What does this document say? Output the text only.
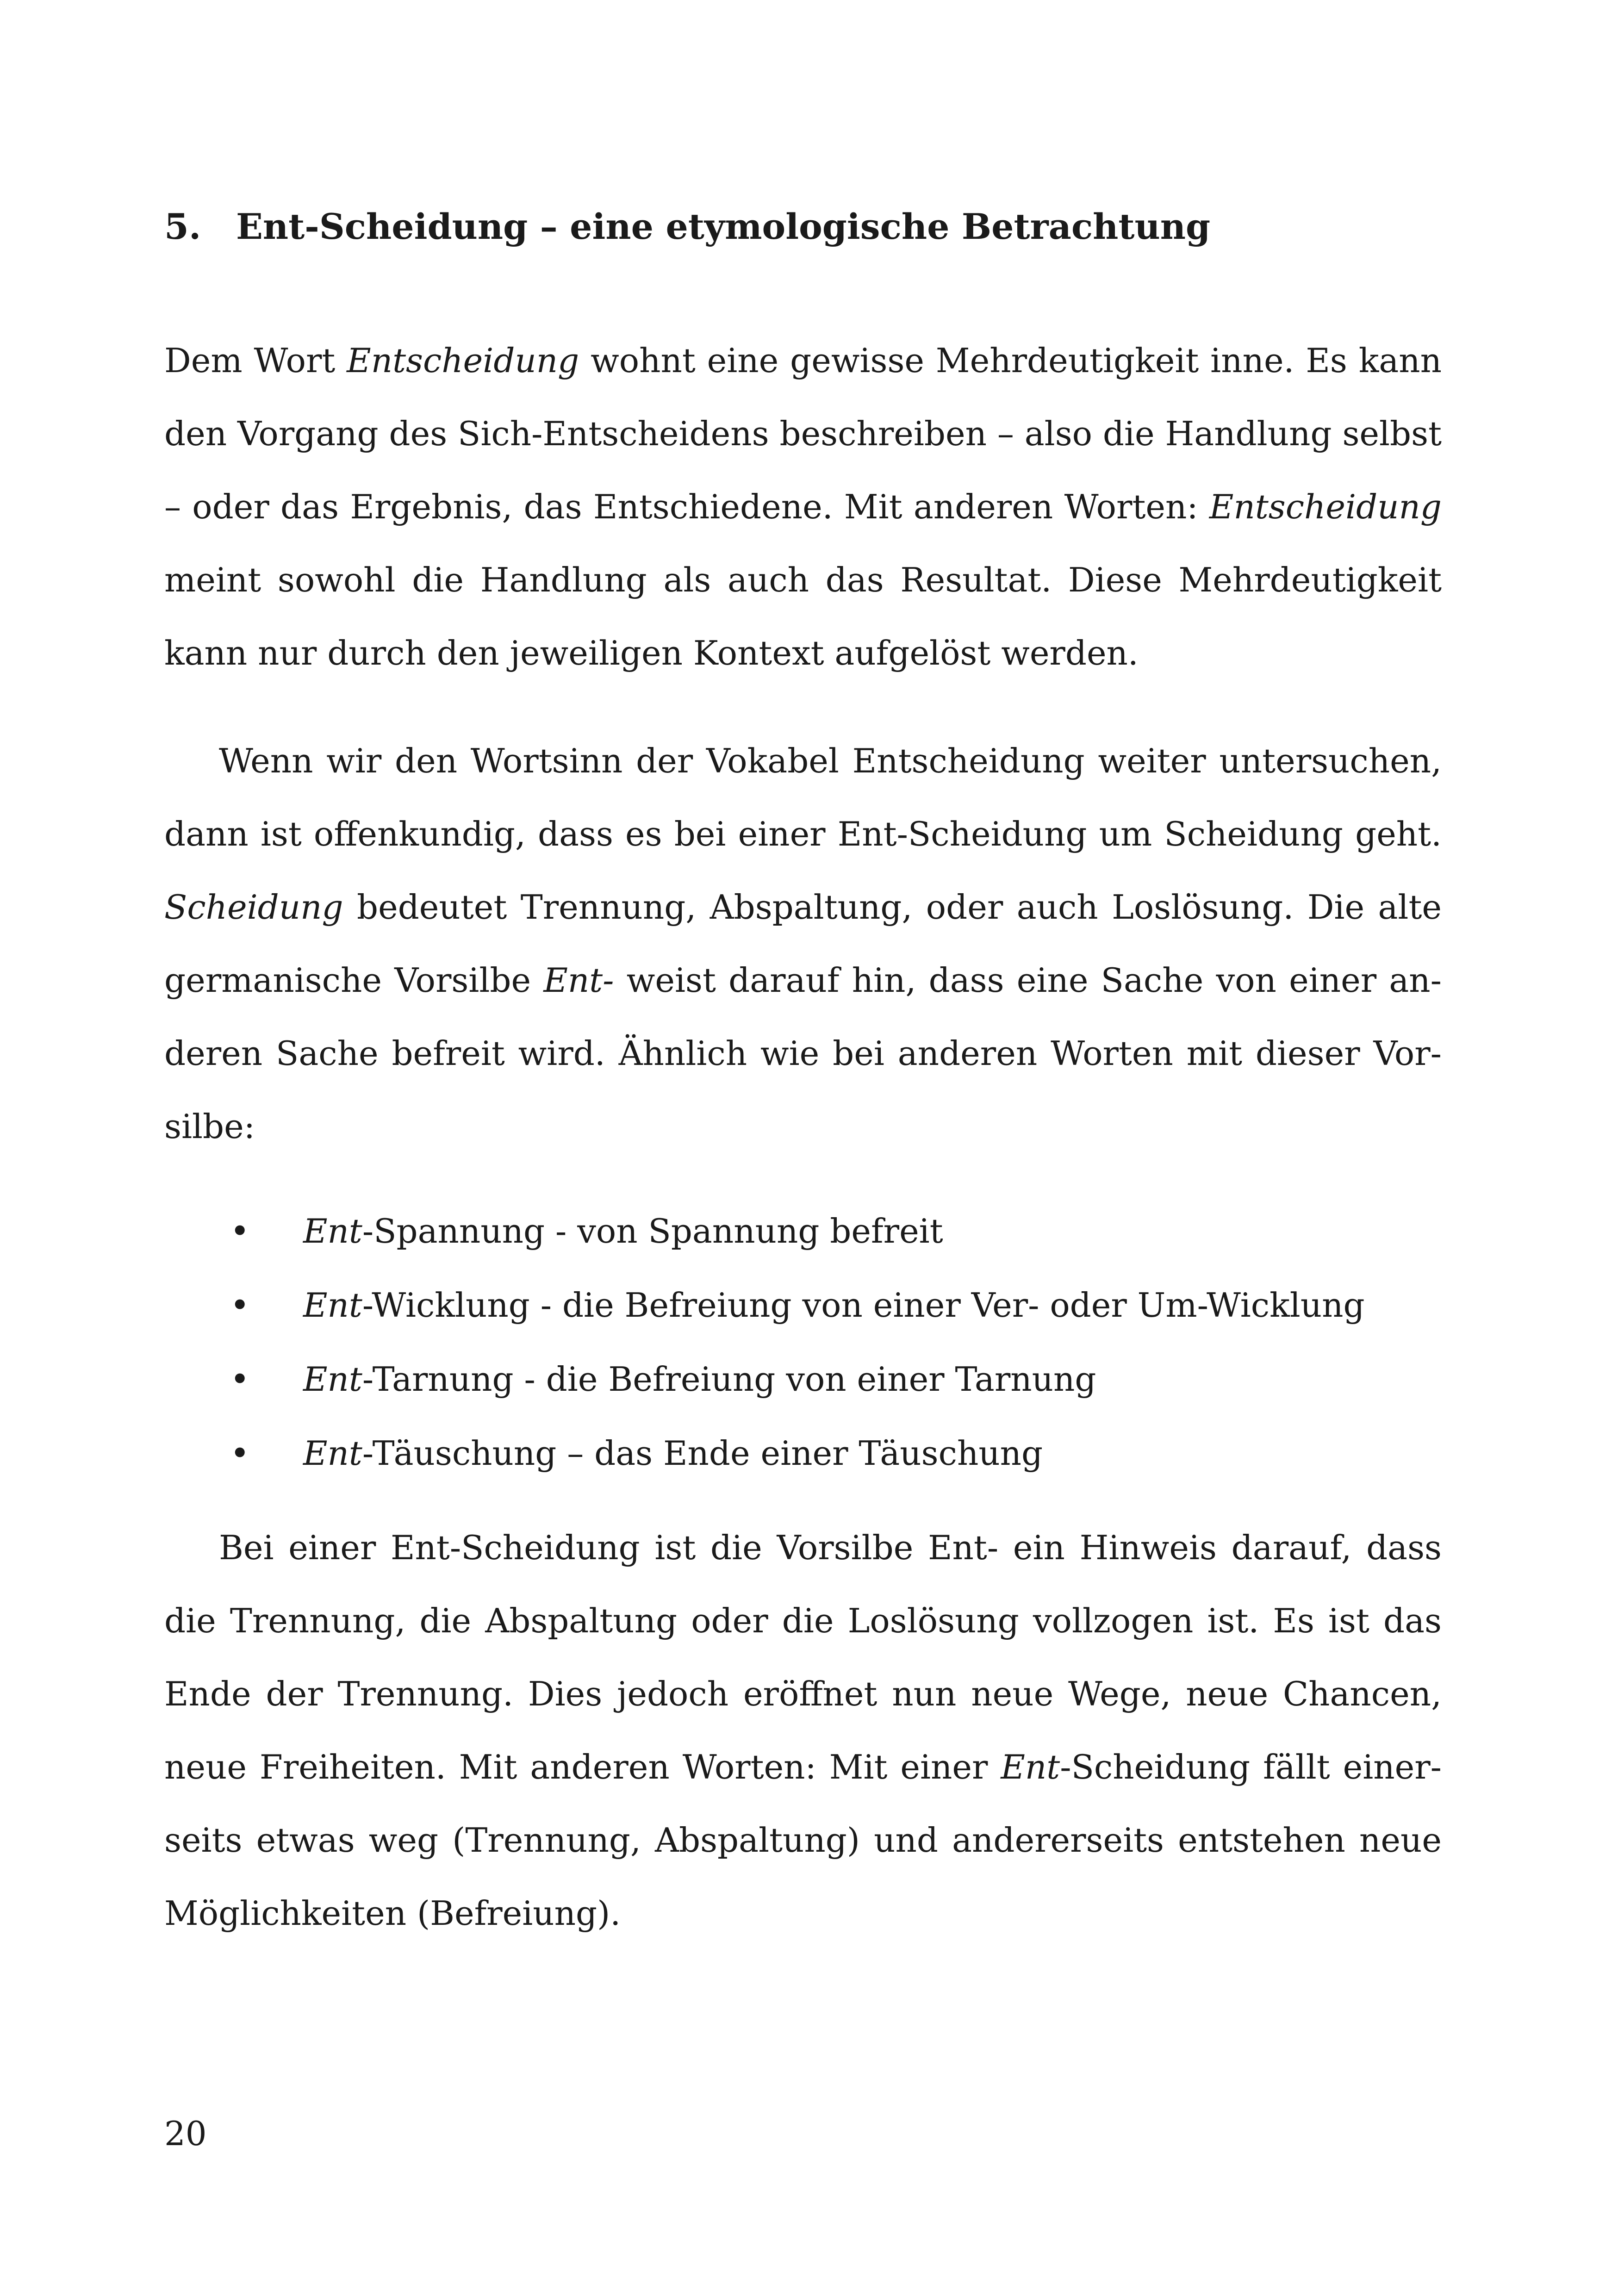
5. Ent-Scheidung – eine etymologische Betrachtung
Dem Wort Entscheidung wohnt eine gewisse Mehrdeutigkeit inne. Es kann
den Vorgang des Sich-Entscheidens beschreiben – also die Handlung selbst
– oder das Ergebnis, das Entschiedene. Mit anderen Worten: Entscheidung
meint sowohl die Handlung als auch das Resultat. Diese Mehrdeutigkeit
kann nur durch den jeweiligen Kontext aufgelöst werden.
Wenn wir den Wortsinn der Vokabel Entscheidung weiter untersuchen,
dann ist offenkundig, dass es bei einer Ent-Scheidung um Scheidung geht.
Scheidung bedeutet Trennung, Abspaltung, oder auch Loslösung. Die alte
germanische Vorsilbe Ent- weist darauf hin, dass eine Sache von einer an-
deren Sache befreit wird. Ähnlich wie bei anderen Worten mit dieser Vor-
silbe:
• Ent-Spannung - von Spannung befreit
• Ent-Wicklung - die Befreiung von einer Ver- oder Um-Wicklung
• Ent-Tarnung - die Befreiung von einer Tarnung
• Ent-Täuschung – das Ende einer Täuschung
Bei einer Ent-Scheidung ist die Vorsilbe Ent- ein Hinweis darauf, dass
die Trennung, die Abspaltung oder die Loslösung vollzogen ist. Es ist das
Ende der Trennung. Dies jedoch eröffnet nun neue Wege, neue Chancen,
neue Freiheiten. Mit anderen Worten: Mit einer Ent-Scheidung fällt einer-
seits etwas weg (Trennung, Abspaltung) und andererseits entstehen neue
Möglichkeiten (Befreiung).
20
